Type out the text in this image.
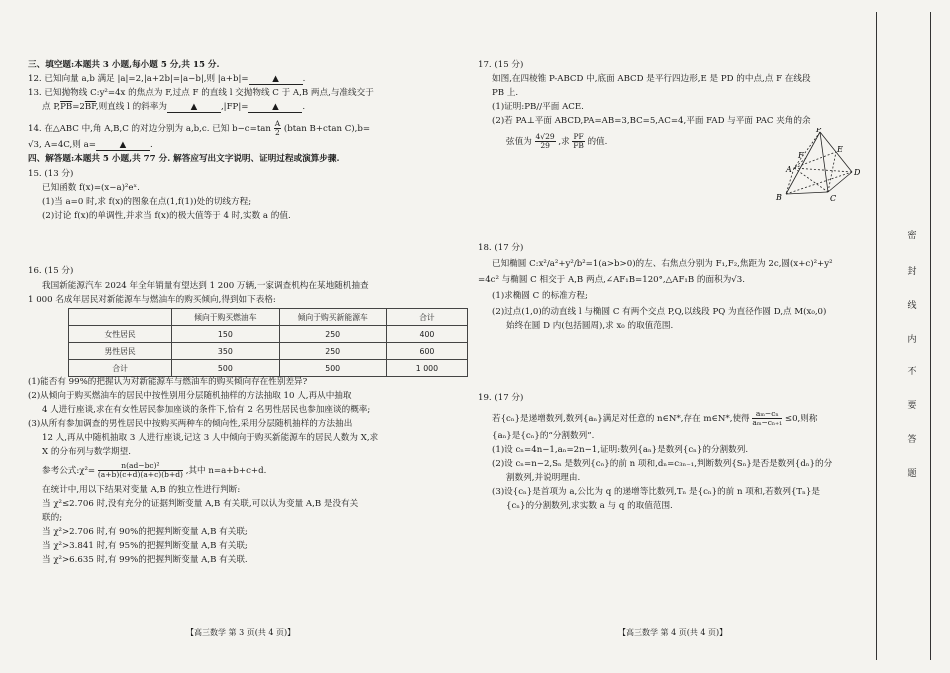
三、填空题:本题共 3 小题,每小题 5 分,共 15 分.
12. 已知向量 a,b 满足 |a|=2,|a+2b|=|a−b|,则 |a+b|=	▲	.
13. 已知抛物线 C:y²=4x 的焦点为 F,过点 F 的直线 l 交抛物线 C 于 A,B 两点,与准线交于
点 $P,\overline{PB}=2\overline{BF}$,则直线 l 的斜率为	▲	,|FP|=	▲	.
14. 在△ABC 中,角 A,B,C 的对边分别为 a,b,c. 已知 $b-c=\tan \frac{A}{2} (btan$ B+ctan C),b=
√3, A=4C,则 a=	▲	.
四、解答题:本题共 5 小题,共 77 分. 解答应写出文字说明、证明过程或演算步骤.
15. (13 分)
已知函数 f(x)=(x−a)²eˣ.
(1)当 a=0 时,求 f(x)的图象在点(1,f(1))处的切线方程;
(2)讨论 f(x)的单调性,并求当 f(x)的极大值等于 4 时,实数 a 的值.
16. (15 分)
我国新能源汽车 2024 年全年销量有望达到 1 200 万辆,一家调查机构在某地随机抽查
1 000 名成年居民对新能源车与燃油车的购买倾向,得到如下表格:
	倾向于购买燃油车	倾向于购买新能源车	合计
女性居民	150	250	400
男性居民	350	250	600
合计	500	500	1 000
(1)能否有 99%的把握认为对新能源车与燃油车的购买倾向存在性别差异?
(2)从倾向于购买燃油车的居民中按性别用分层随机抽样的方法抽取 10 人,再从中抽取
4 人进行座谈,求在有女性居民参加座谈的条件下,恰有 2 名男性居民也参加座谈的概率;
(3)从所有参加调查的男性居民中按购买两种车的倾向性,采用分层随机抽样的方法抽出
12 人,再从中随机抽取 3 人进行座谈,记这 3 人中倾向于购买新能源车的居民人数为 X,求
X 的分布列与数学期望.
参考公式:χ²= $\frac{\text{n(ad−bc)²}}{(a+b)(c+d)(a+c)(b+d)}$ ,其中 n=a+b+c+d.
在统计中,用以下结果对变量 A,B 的独立性进行判断:
当 χ²≤2.706 时,没有充分的证据判断变量 A,B 有关联,可以认为变量 A,B 是没有关
联的;
当 χ²>2.706 时,有 90%的把握判断变量 A,B 有关联;
当 χ²>3.841 时,有 95%的把握判断变量 A,B 有关联;
当 χ²>6.635 时,有 99%的把握判断变量 A,B 有关联.
【高三数学 第 3 页(共 4 页)】
17. (15 分)
如图,在四棱锥 P-ABCD 中,底面 ABCD 是平行四边形,E 是 PD 的中点,点 F 在线段
PB 上.
(1)证明:PB//平面 ACE.
(2)若 PA⊥平面 ABCD,PA=AB=3,BC=5,AC=4,平面 FAD 与平面 PAC 夹角的余
弦值为 $\frac{4√29}{29}$ ,求 $\frac{PF}{FB}$ 的值.
18. (17 分)
已知椭圆 C:x²/a²+y²/b²=1(a>b>0)的左、右焦点分别为 F₁,F₂,焦距为 2c,圆(x+c)²+y²
=4c² 与椭圆 C 相交于 A,B 两点,∠AF₁B=120°,△AF₁B 的面积为√3.
(1)求椭圆 C 的标准方程;
(2)过点(1,0)的动直线 l 与椭圆 C 有两个交点 P,Q,以线段 PQ 为直径作圆 D,点 M(x₀,0)
始终在圆 D 内(包括圆周),求 x₀ 的取值范围.
19. (17 分)
若{cₙ}是递增数列,数列{aₙ}满足对任意的 n∈N*,存在 m∈N*,使得 $\frac{\text{aₘ−cₙ}}{\text{aₘ−cₙ₊₁}} \le 0$,则称
{aₙ}是{cₙ}的“分割数列”.
(1)设 cₙ=4n−1,aₙ=2n−1,证明:数列{aₙ}是数列{cₙ}的分割数列.
(2)设 cₙ=n−2,Sₙ 是数列{cₙ}的前 n 项和,dₙ=c₃ₙ₋₁,判断数列{Sₙ}是否是数列{dₙ}的分
割数列,并说明理由.
(3)设{cₙ}是首项为 a,公比为 q 的递增等比数列,Tₙ 是{cₙ}的前 n 项和,若数列{Tₙ}是
{cₙ}的分割数列,求实数 a 与 q 的取值范围.
【高三数学 第 4 页(共 4 页)】
P
F
E
A	D
B	C
密
封
线
内
不
要
答
题
